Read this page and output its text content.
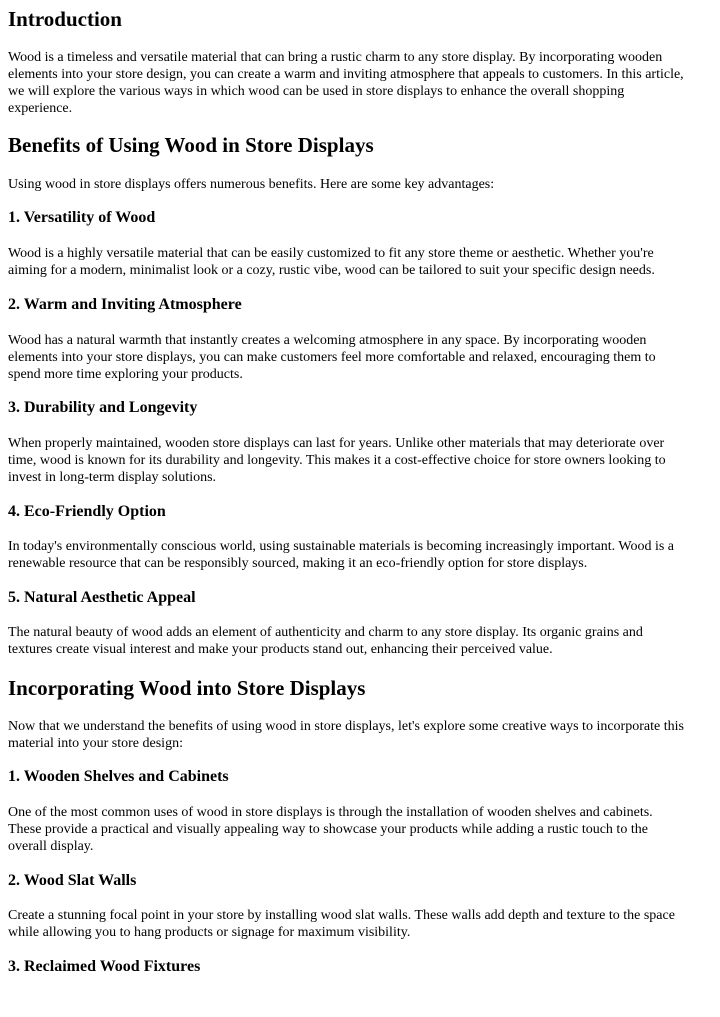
Introduction
Wood is a timeless and versatile material that can bring a rustic charm to any store display. By incorporating wooden
elements into your store design, you can create a warm and inviting atmosphere that appeals to customers. In this article,
we will explore the various ways in which wood can be used in store displays to enhance the overall shopping
experience.
Benefits of Using Wood in Store Displays
Using wood in store displays offers numerous benefits. Here are some key advantages:
1. Versatility of Wood
Wood is a highly versatile material that can be easily customized to fit any store theme or aesthetic. Whether you're
aiming for a modern, minimalist look or a cozy, rustic vibe, wood can be tailored to suit your specific design needs.
2. Warm and Inviting Atmosphere
Wood has a natural warmth that instantly creates a welcoming atmosphere in any space. By incorporating wooden
elements into your store displays, you can make customers feel more comfortable and relaxed, encouraging them to
spend more time exploring your products.
3. Durability and Longevity
When properly maintained, wooden store displays can last for years. Unlike other materials that may deteriorate over
time, wood is known for its durability and longevity. This makes it a cost-effective choice for store owners looking to
invest in long-term display solutions.
4. Eco-Friendly Option
In today's environmentally conscious world, using sustainable materials is becoming increasingly important. Wood is a
renewable resource that can be responsibly sourced, making it an eco-friendly option for store displays.
5. Natural Aesthetic Appeal
The natural beauty of wood adds an element of authenticity and charm to any store display. Its organic grains and
textures create visual interest and make your products stand out, enhancing their perceived value.
Incorporating Wood into Store Displays
Now that we understand the benefits of using wood in store displays, let's explore some creative ways to incorporate this
material into your store design:
1. Wooden Shelves and Cabinets
One of the most common uses of wood in store displays is through the installation of wooden shelves and cabinets.
These provide a practical and visually appealing way to showcase your products while adding a rustic touch to the
overall display.
2. Wood Slat Walls
Create a stunning focal point in your store by installing wood slat walls. These walls add depth and texture to the space
while allowing you to hang products or signage for maximum visibility.
3. Reclaimed Wood Fixtures
